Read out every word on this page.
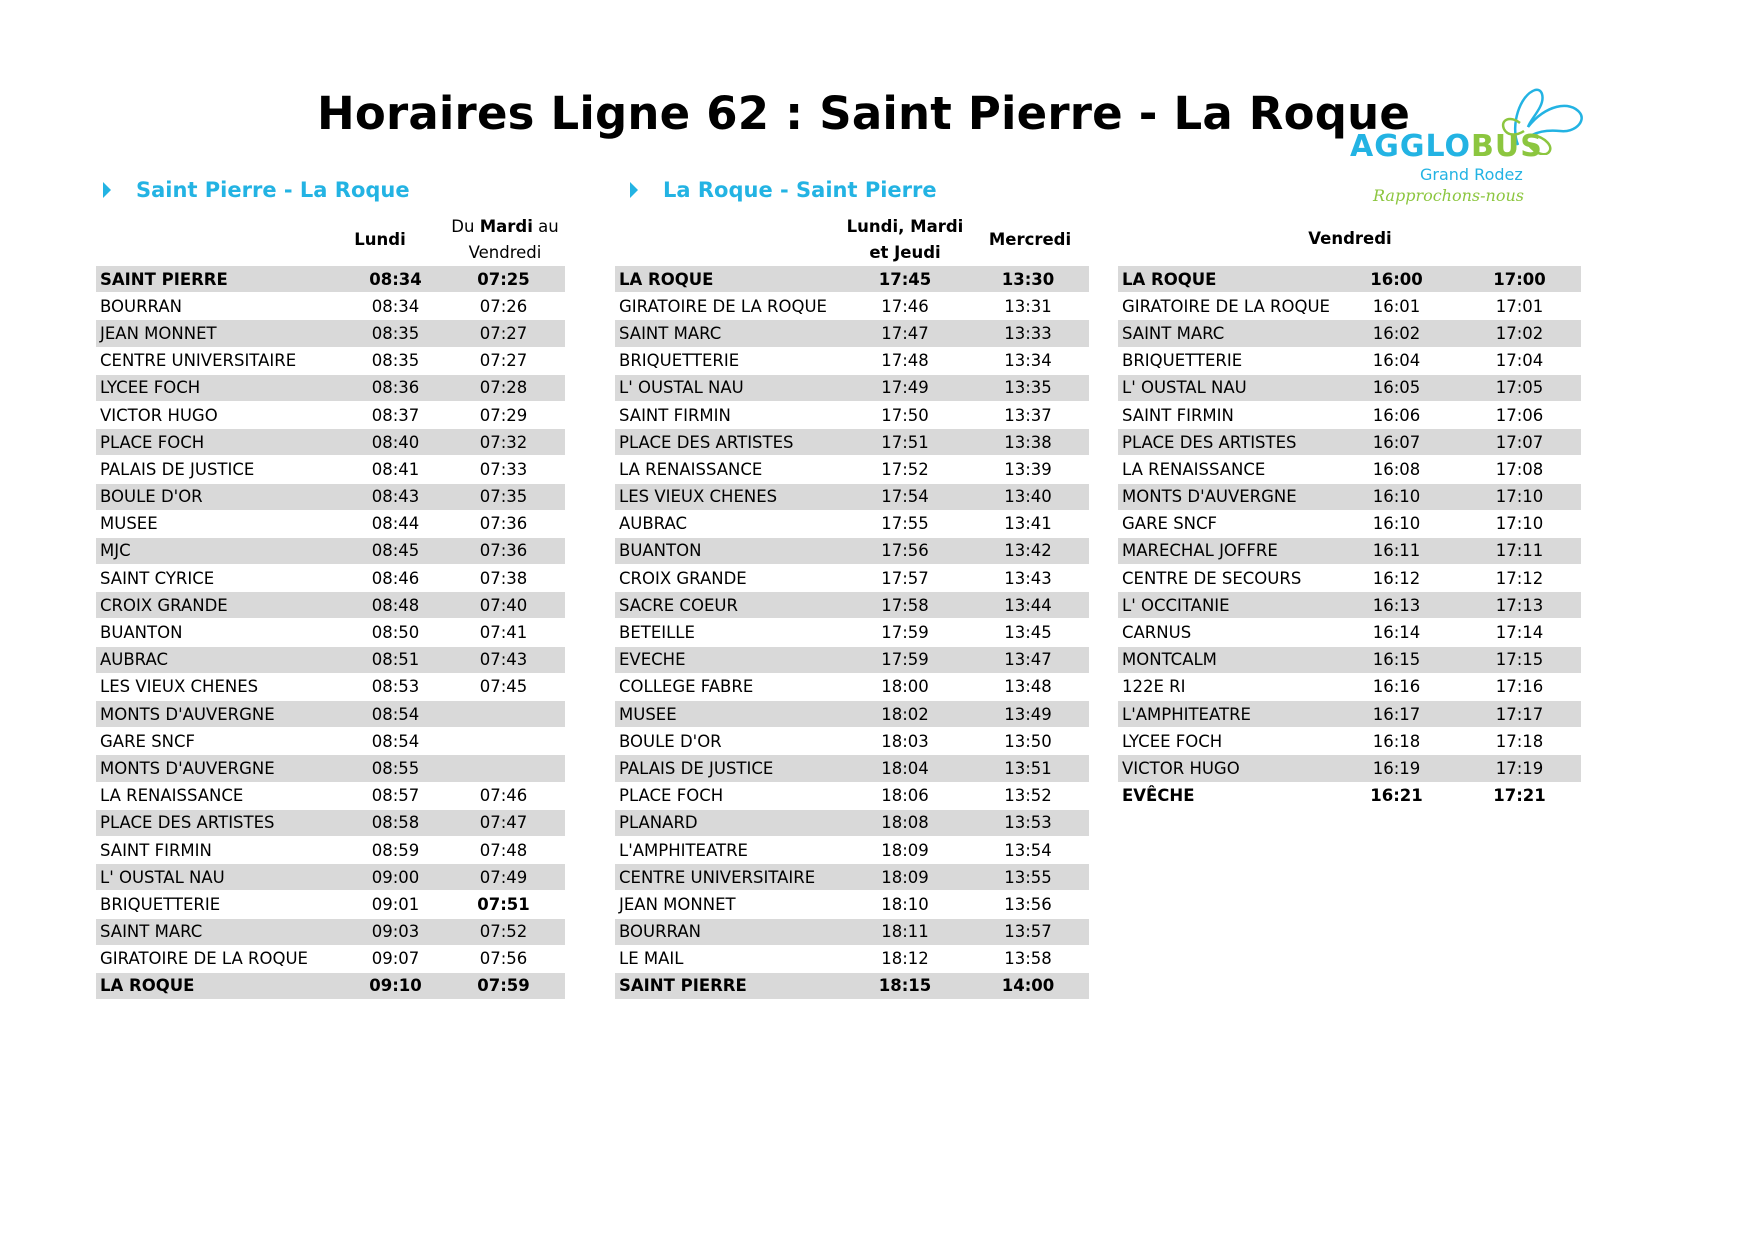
Horaires Ligne 62 : Saint Pierre - La Roque
AGGLOBUS
Grand Rodez
Rapprochons-nous
Saint Pierre - La Roque	La Roque - Saint Pierre
Lundi
Du Mardi au
Vendredi
Lundi, Mardi
et Jeudi
Mercredi	Vendredi
SAINT PIERRE	08:34	07:25
BOURRAN	08:34	07:26
JEAN MONNET	08:35	07:27
CENTRE UNIVERSITAIRE	08:35	07:27
LYCEE FOCH	08:36	07:28
VICTOR HUGO	08:37	07:29
PLACE FOCH	08:40	07:32
PALAIS DE JUSTICE	08:41	07:33
BOULE D'OR	08:43	07:35
MUSEE	08:44	07:36
MJC	08:45	07:36
SAINT CYRICE	08:46	07:38
CROIX GRANDE	08:48	07:40
BUANTON	08:50	07:41
AUBRAC	08:51	07:43
LES VIEUX CHENES	08:53	07:45
MONTS D'AUVERGNE	08:54	
GARE SNCF	08:54	
MONTS D'AUVERGNE	08:55	
LA RENAISSANCE	08:57	07:46
PLACE DES ARTISTES	08:58	07:47
SAINT FIRMIN	08:59	07:48
L' OUSTAL NAU	09:00	07:49
BRIQUETTERIE	09:01	07:51
SAINT MARC	09:03	07:52
GIRATOIRE DE LA ROQUE	09:07	07:56
LA ROQUE	09:10	07:59
LA ROQUE	17:45	13:30
GIRATOIRE DE LA ROQUE	17:46	13:31
SAINT MARC	17:47	13:33
BRIQUETTERIE	17:48	13:34
L' OUSTAL NAU	17:49	13:35
SAINT FIRMIN	17:50	13:37
PLACE DES ARTISTES	17:51	13:38
LA RENAISSANCE	17:52	13:39
LES VIEUX CHENES	17:54	13:40
AUBRAC	17:55	13:41
BUANTON	17:56	13:42
CROIX GRANDE	17:57	13:43
SACRE COEUR	17:58	13:44
BETEILLE	17:59	13:45
EVECHE	17:59	13:47
COLLEGE FABRE	18:00	13:48
MUSEE	18:02	13:49
BOULE D'OR	18:03	13:50
PALAIS DE JUSTICE	18:04	13:51
PLACE FOCH	18:06	13:52
PLANARD	18:08	13:53
L'AMPHITEATRE	18:09	13:54
CENTRE UNIVERSITAIRE	18:09	13:55
JEAN MONNET	18:10	13:56
BOURRAN	18:11	13:57
LE MAIL	18:12	13:58
SAINT PIERRE	18:15	14:00
LA ROQUE	16:00	17:00
GIRATOIRE DE LA ROQUE	16:01	17:01
SAINT MARC	16:02	17:02
BRIQUETTERIE	16:04	17:04
L' OUSTAL NAU	16:05	17:05
SAINT FIRMIN	16:06	17:06
PLACE DES ARTISTES	16:07	17:07
LA RENAISSANCE	16:08	17:08
MONTS D'AUVERGNE	16:10	17:10
GARE SNCF	16:10	17:10
MARECHAL JOFFRE	16:11	17:11
CENTRE DE SECOURS	16:12	17:12
L' OCCITANIE	16:13	17:13
CARNUS	16:14	17:14
MONTCALM	16:15	17:15
122E RI	16:16	17:16
L'AMPHITEATRE	16:17	17:17
LYCEE FOCH	16:18	17:18
VICTOR HUGO	16:19	17:19
EVÊCHE	16:21	17:21
